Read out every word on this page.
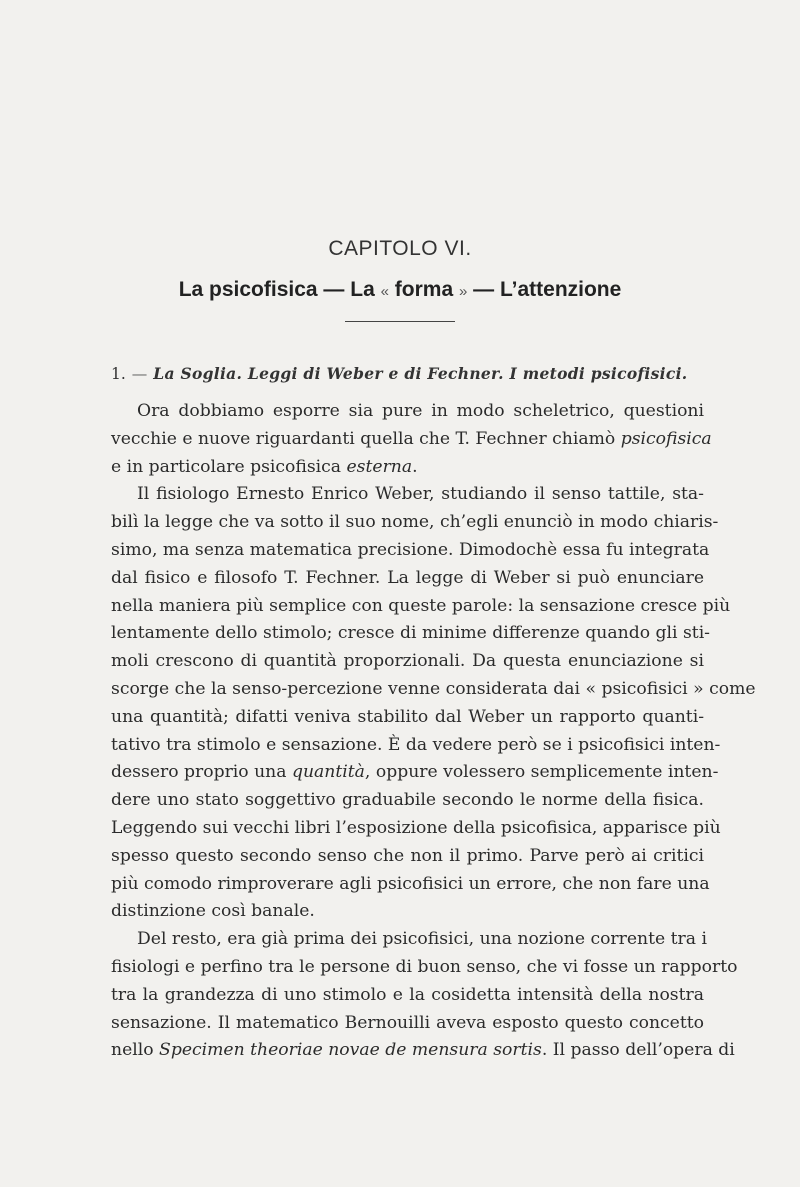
CAPITOLO VI.
La psicofisica — La « forma » — L’attenzione
1. — La Soglia. Leggi di Weber e di Fechner. I metodi psicofisici.
Ora dobbiamo esporre sia pure in modo scheletrico, questioni
vecchie e nuove riguardanti quella che T. Fechner chiamò psicofisica
e in particolare psicofisica esterna.
Il fisiologo Ernesto Enrico Weber, studiando il senso tattile, sta-
bilì la legge che va sotto il suo nome, ch’egli enunciò in modo chiaris-
simo, ma senza matematica precisione. Dimodochè essa fu integrata
dal fisico e filosofo T. Fechner. La legge di Weber si può enunciare
nella maniera più semplice con queste parole: la sensazione cresce più
lentamente dello stimolo; cresce di minime differenze quando gli sti-
moli crescono di quantità proporzionali. Da questa enunciazione si
scorge che la senso-percezione venne considerata dai « psicofisici » come
una quantità; difatti veniva stabilito dal Weber un rapporto quanti-
tativo tra stimolo e sensazione. È da vedere però se i psicofisici inten-
dessero proprio una quantità, oppure volessero semplicemente inten-
dere uno stato soggettivo graduabile secondo le norme della fisica.
Leggendo sui vecchi libri l’esposizione della psicofisica, apparisce più
spesso questo secondo senso che non il primo. Parve però ai critici
più comodo rimproverare agli psicofisici un errore, che non fare una
distinzione così banale.
Del resto, era già prima dei psicofisici, una nozione corrente tra i
fisiologi e perfino tra le persone di buon senso, che vi fosse un rapporto
tra la grandezza di uno stimolo e la cosidetta intensità della nostra
sensazione. Il matematico Bernouilli aveva esposto questo concetto
nello Specimen theoriae novae de mensura sortis. Il passo dell’opera di
